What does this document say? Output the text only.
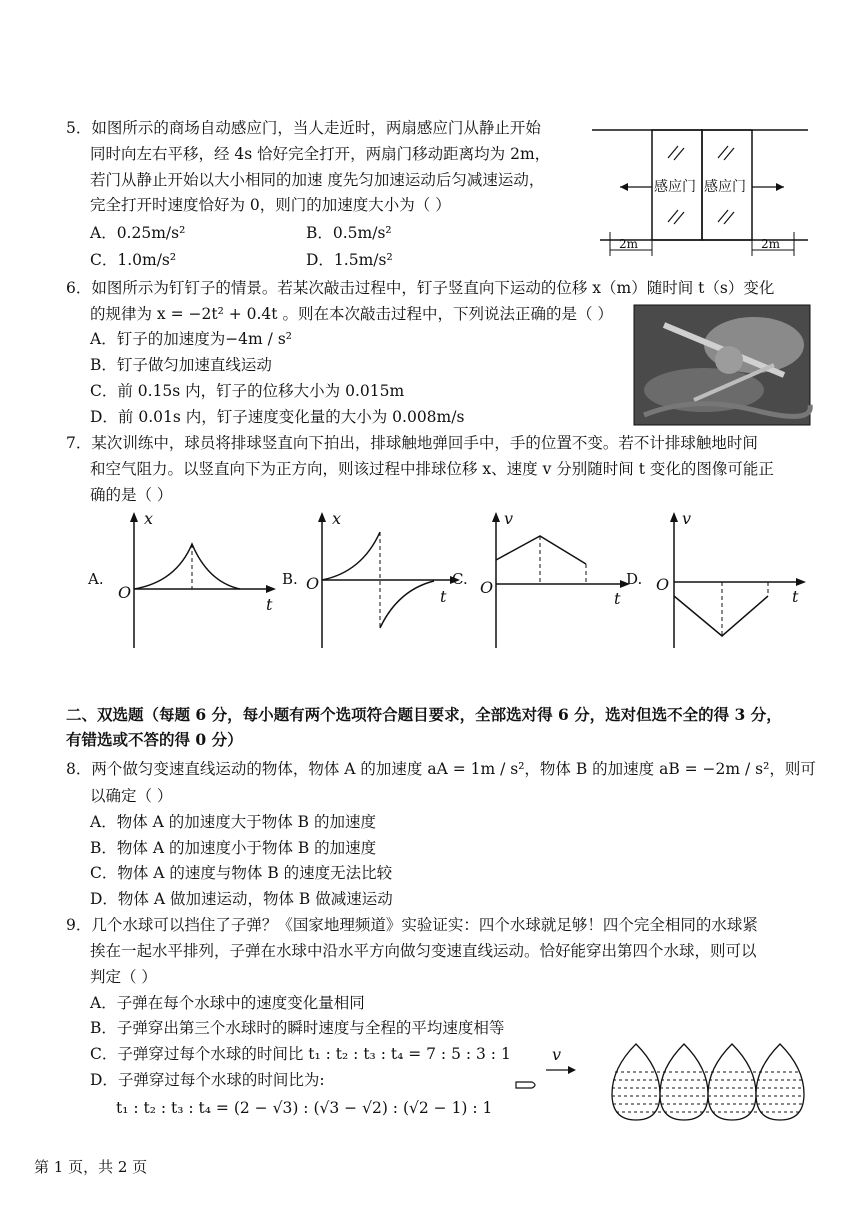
5．如图所示的商场自动感应门，当人走近时，两扇感应门从静止开始
同时向左右平移，经 4s 恰好完全打开，两扇门移动距离均为 2m，
若门从静止开始以大小相同的加速 度先匀加速运动后匀减速运动，
完全打开时速度恰好为 0，则门的加速度大小为（ ）
A．0.25m/s²	B．0.5m/s²
C．1.0m/s²	D．1.5m/s²
感应门 感应门
2m	2m
6．如图所示为钉钉子的情景。若某次敲击过程中，钉子竖直向下运动的位移 x（m）随时间 t（s）变化
的规律为 x = −2t² + 0.4t 。则在本次敲击过程中，下列说法正确的是（ ）
A．钉子的加速度为−4m / s²
B．钉子做匀加速直线运动
C．前 0.15s 内，钉子的位移大小为 0.015m
D．前 0.01s 内，钉子速度变化量的大小为 0.008m/s
7．某次训练中，球员将排球竖直向下拍出，排球触地弹回手中，手的位置不变。若不计排球触地时间
和空气阻力。以竖直向下为正方向，则该过程中排球位移 x、速度 v 分别随时间 t 变化的图像可能正
确的是（ ）
A.
x
t
O
B.
x
t
O	C.
v
t
O	D.
v
t
O
二、双选题（每题 6 分，每小题有两个选项符合题目要求，全部选对得 6 分，选对但选不全的得 3 分，
有错选或不答的得 0 分）
8．两个做匀变速直线运动的物体，物体 A 的加速度 aA = 1m / s²，物体 B 的加速度 aB = −2m / s²，则可
以确定（ ）
A．物体 A 的加速度大于物体 B 的加速度
B．物体 A 的加速度小于物体 B 的加速度
C．物体 A 的速度与物体 B 的速度无法比较
D．物体 A 做加速运动，物体 B 做减速运动
9．几个水球可以挡住了子弹？《国家地理频道》实验证实：四个水球就足够！四个完全相同的水球紧
挨在一起水平排列，子弹在水球中沿水平方向做匀变速直线运动。恰好能穿出第四个水球，则可以
判定（ ）
A．子弹在每个水球中的速度变化量相同
B．子弹穿出第三个水球时的瞬时速度与全程的平均速度相等
C．子弹穿过每个水球的时间比 t₁ : t₂ : t₃ : t₄ = 7 : 5 : 3 : 1
D．子弹穿过每个水球的时间比为:
t₁ : t₂ : t₃ : t₄ = (2 − √3) : (√3 − √2) : (√2 − 1) : 1
v
第 1 页，共 2 页
